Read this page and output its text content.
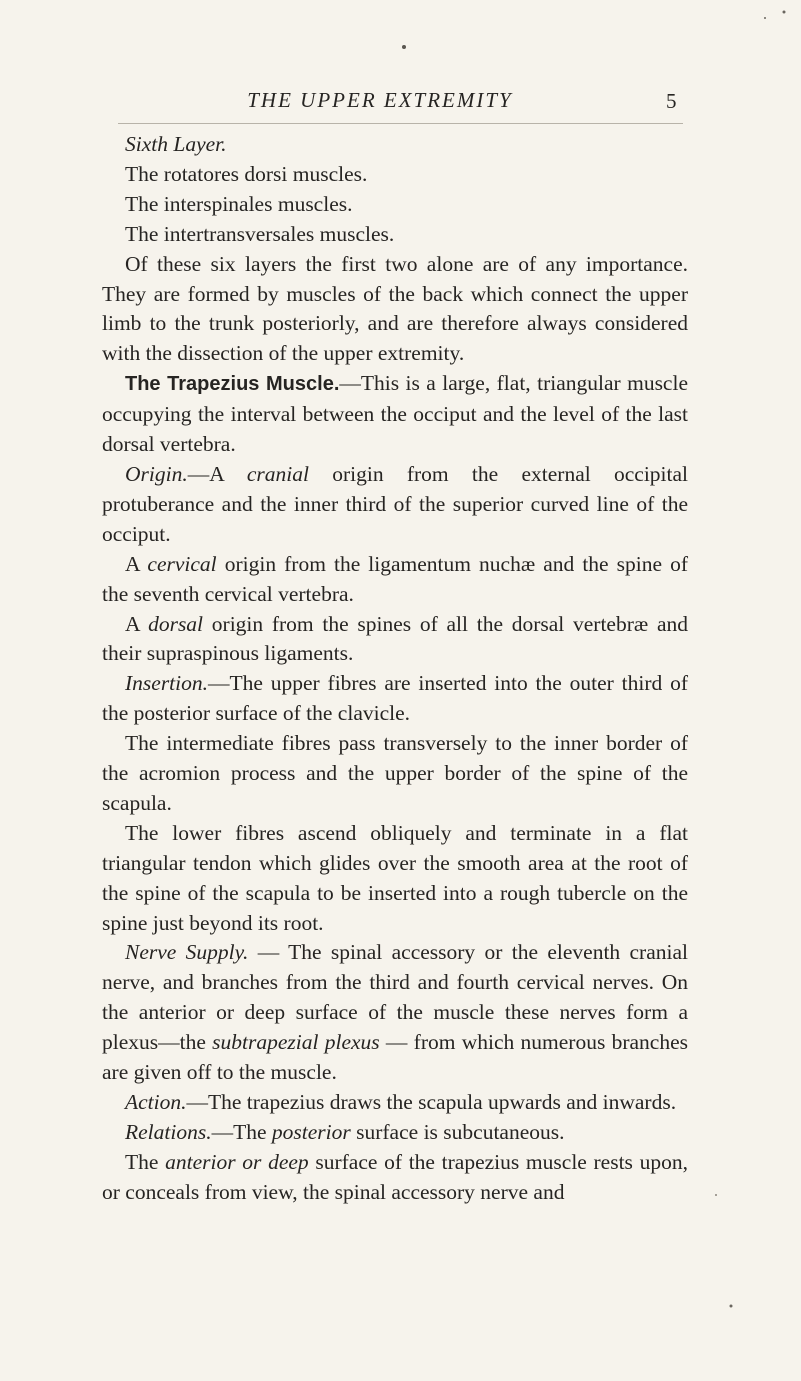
THE UPPER EXTREMITY	5

Sixth Layer.

The rotatores dorsi muscles.

The interspinales muscles.

The intertransversales muscles.

Of these six layers the first two alone are of any importance. They are formed by muscles of the back which connect the upper limb to the trunk posteriorly, and are therefore always considered with the dissection of the upper extremity.

The Trapezius Muscle.—This is a large, flat, triangular muscle occupying the interval between the occiput and the level of the last dorsal vertebra.

Origin.—A cranial origin from the external occipital protuberance and the inner third of the superior curved line of the occiput.

A cervical origin from the ligamentum nuchæ and the spine of the seventh cervical vertebra.

A dorsal origin from the spines of all the dorsal vertebræ and their supraspinous ligaments.

Insertion.—The upper fibres are inserted into the outer third of the posterior surface of the clavicle.

The intermediate fibres pass transversely to the inner border of the acromion process and the upper border of the spine of the scapula.

The lower fibres ascend obliquely and terminate in a flat triangular tendon which glides over the smooth area at the root of the spine of the scapula to be inserted into a rough tubercle on the spine just beyond its root.

Nerve Supply. — The spinal accessory or the eleventh cranial nerve, and branches from the third and fourth cervical nerves. On the anterior or deep surface of the muscle these nerves form a plexus—the subtrapezial plexus — from which numerous branches are given off to the muscle.

Action.—The trapezius draws the scapula upwards and inwards.

Relations.—The posterior surface is subcutaneous.

The anterior or deep surface of the trapezius muscle rests upon, or conceals from view, the spinal accessory nerve and
